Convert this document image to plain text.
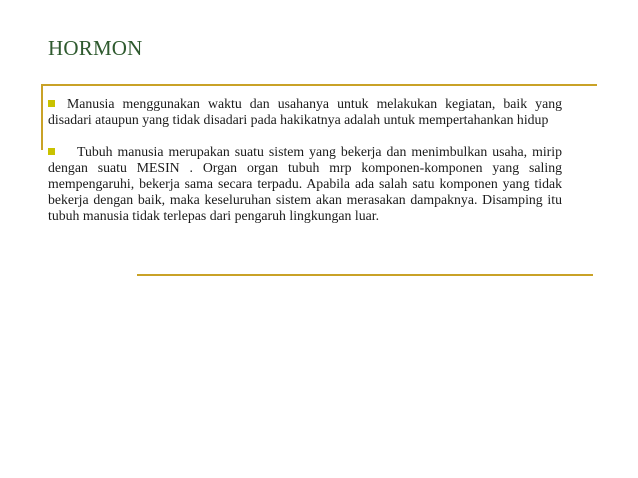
HORMON

Manusia menggunakan waktu dan usahanya untuk melakukan kegiatan, baik yang disadari ataupun yang tidak disadari pada hakikatnya adalah untuk mempertahankan hidup

Tubuh manusia merupakan suatu sistem yang bekerja dan menimbulkan usaha, mirip dengan suatu MESIN . Organ organ tubuh mrp komponen-komponen yang saling mempengaruhi, bekerja sama secara terpadu. Apabila ada salah satu komponen yang tidak bekerja dengan baik, maka keseluruhan sistem akan merasakan dampaknya. Disamping itu tubuh manusia tidak terlepas dari pengaruh lingkungan luar.
